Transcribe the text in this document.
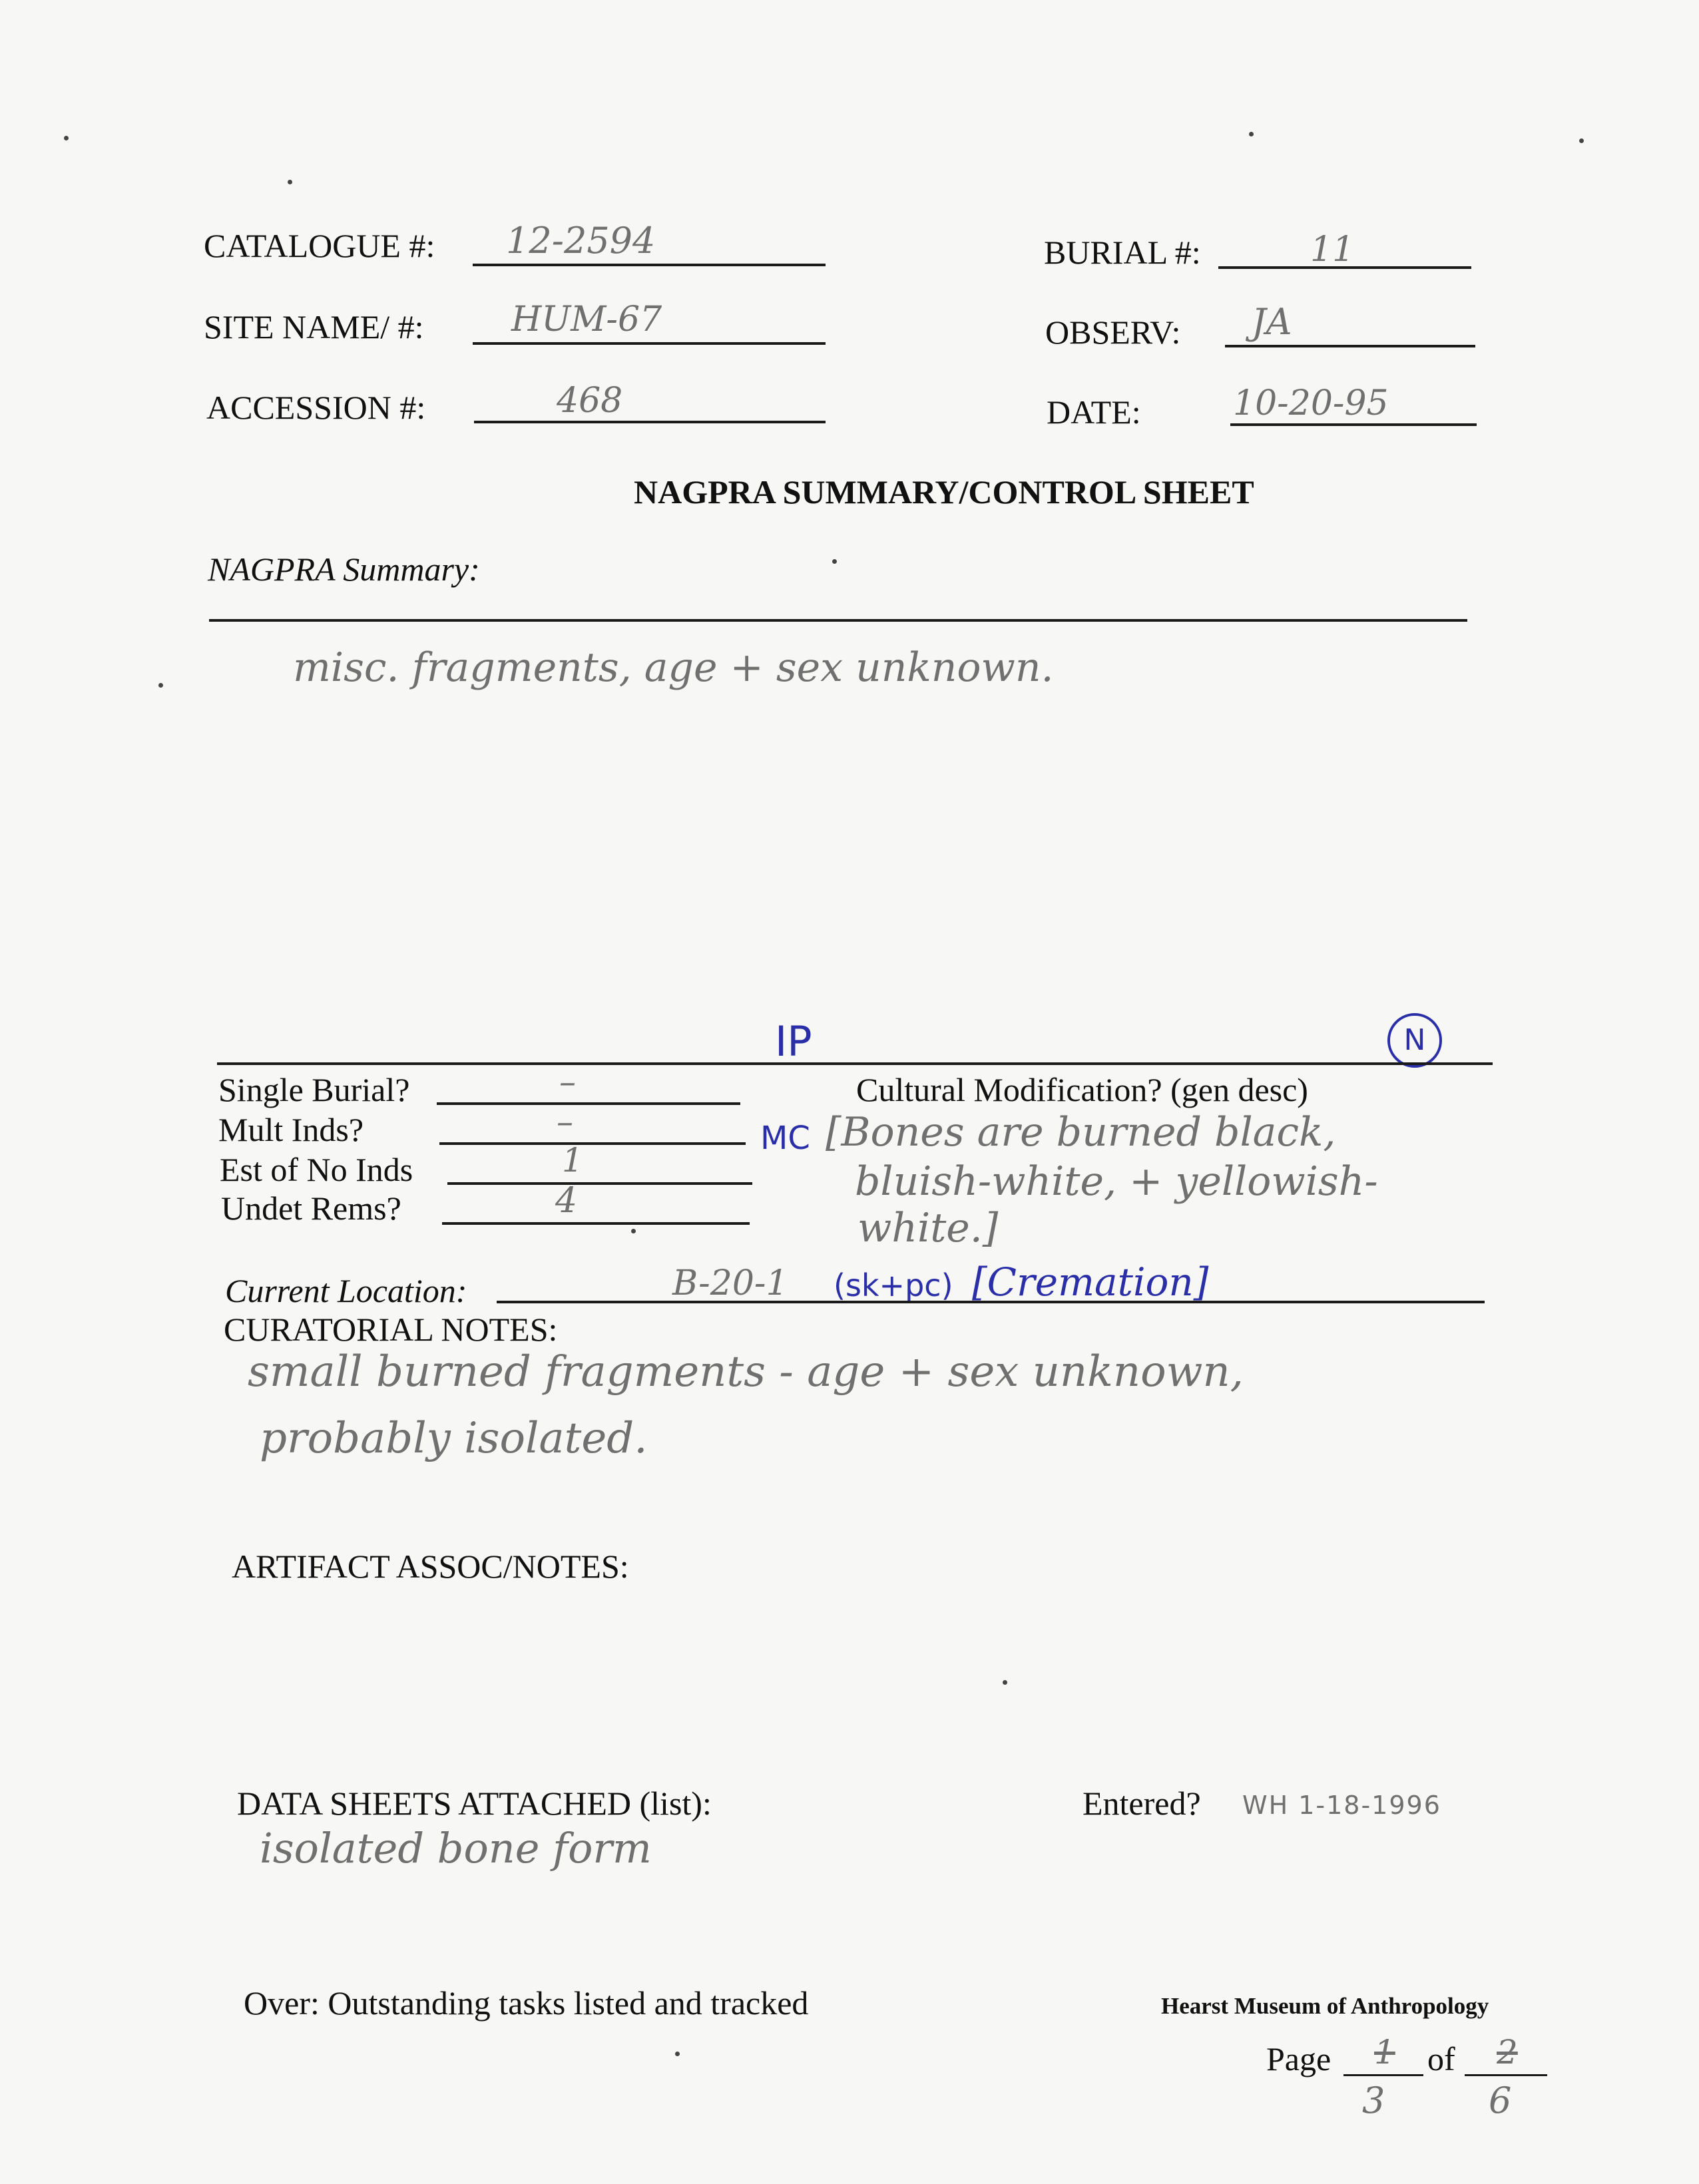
CATALOGUE #: 12-2594	BURIAL #:	11
SITE NAME/ #:	HUM-67	OBSERV: JA
ACCESSION #:	468	DATE:	10-20-95
NAGPRA SUMMARY/CONTROL SHEET
NAGPRA Summary:
misc. fragments, age + sex unknown.
IP	N
Single Burial?	–
Mult Inds?	–
Est of No Inds	1
Undet Rems?	4
Cultural Modification? (gen desc)
MC [Bones are burned black,
bluish-white, + yellowish-
white.]
Current Location:	B-20-1 (sk+pc) [Cremation]
CURATORIAL NOTES:
small burned fragments - age + sex unknown,
probably isolated.
ARTIFACT ASSOC/NOTES:
DATA SHEETS ATTACHED (list):
isolated bone form
Entered? WH 1-18-1996
Over: Outstanding tasks listed and tracked	Hearst Museum of Anthropology
Page 1
3
of 2
6
